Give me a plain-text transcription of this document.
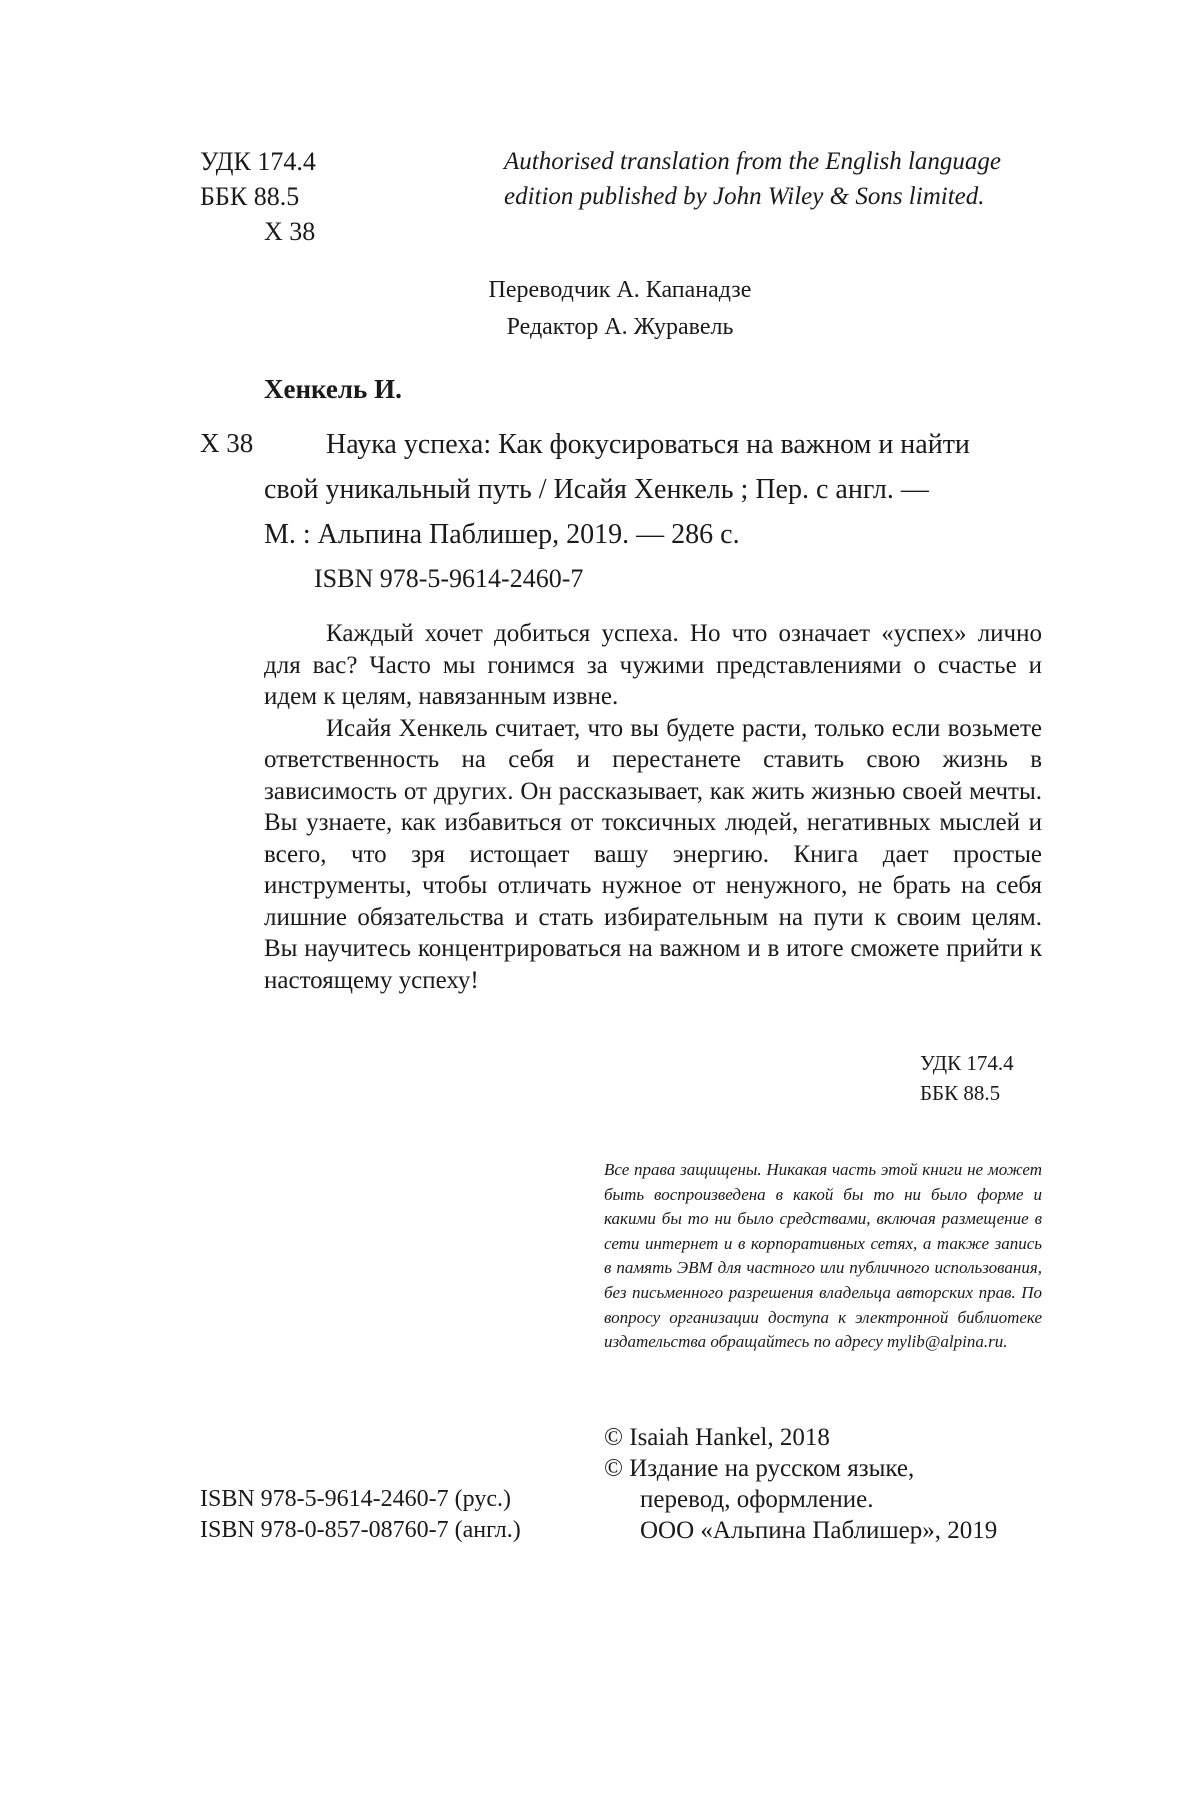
УДК 174.4
ББК 88.5
Х 38
Authorised translation from the English language
edition published by John Wiley & Sons limited.
Переводчик А. Капанадзе
Редактор А. Журавель
Хенкель И.
Х 38	Наука успеха: Как фокусироваться на важном и найти
свой уникальный путь / Исайя Хенкель ; Пер. с англ. —
М. : Альпина Паблишер, 2019. — 286 с.
ISBN 978-5-9614-2460-7

Каждый хочет добиться успеха. Но что означает «успех» лично для вас? Часто мы гонимся за чужими представлениями о счастье и идем к целям, навязанным извне.

Исайя Хенкель считает, что вы будете расти, только если возьмете ответственность на себя и перестанете ставить свою жизнь в зависимость от других. Он рассказывает, как жить жизнью своей мечты. Вы узнаете, как избавиться от токсичных людей, негативных мыслей и всего, что зря истощает вашу энергию. Книга дает простые инструменты, чтобы отличать нужное от ненужного, не брать на себя лишние обязательства и стать избирательным на пути к своим целям. Вы научитесь концентрироваться на важном и в итоге сможете прийти к настоящему успеху!

УДК 174.4
ББК 88.5
Все права защищены. Никакая часть этой книги не может быть воспроизведена в какой бы то ни было форме и какими бы то ни было средствами, включая размещение в сети интернет и в корпоративных сетях, а также запись в память ЭВМ для частного или публичного использования, без письменного разрешения владельца авторских прав. По вопросу организации доступа к электронной библиотеке издательства обращайтесь по адресу mylib@alpina.ru.
© Isaiah Hankel, 2018
© Издание на русском языке,
перевод, оформление.
ООО «Альпина Паблишер», 2019
ISBN 978-5-9614-2460-7 (рус.)
ISBN 978-0-857-08760-7 (англ.)
